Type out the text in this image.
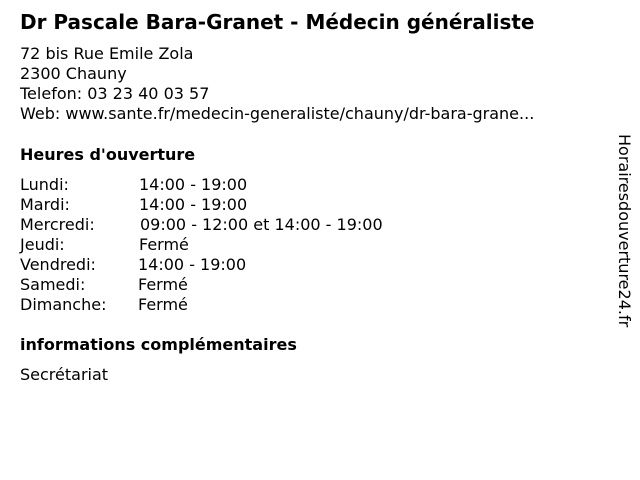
Dr Pascale Bara-Granet - Médecin généraliste
72 bis Rue Emile Zola
2300 Chauny
Telefon: 03 23 40 03 57
Web: www.sante.fr/medecin-generaliste/chauny/dr-bara-grane...
Heures d'ouverture
Lundi:	14:00 - 19:00
Mardi:	14:00 - 19:00
Mercredi:	09:00 - 12:00 et 14:00 - 19:00
Jeudi:	Fermé
Vendredi:	14:00 - 19:00
Samedi:	Fermé
Dimanche: Fermé
informations complémentaires
Secrétariat
Horairesdouverture24.fr
